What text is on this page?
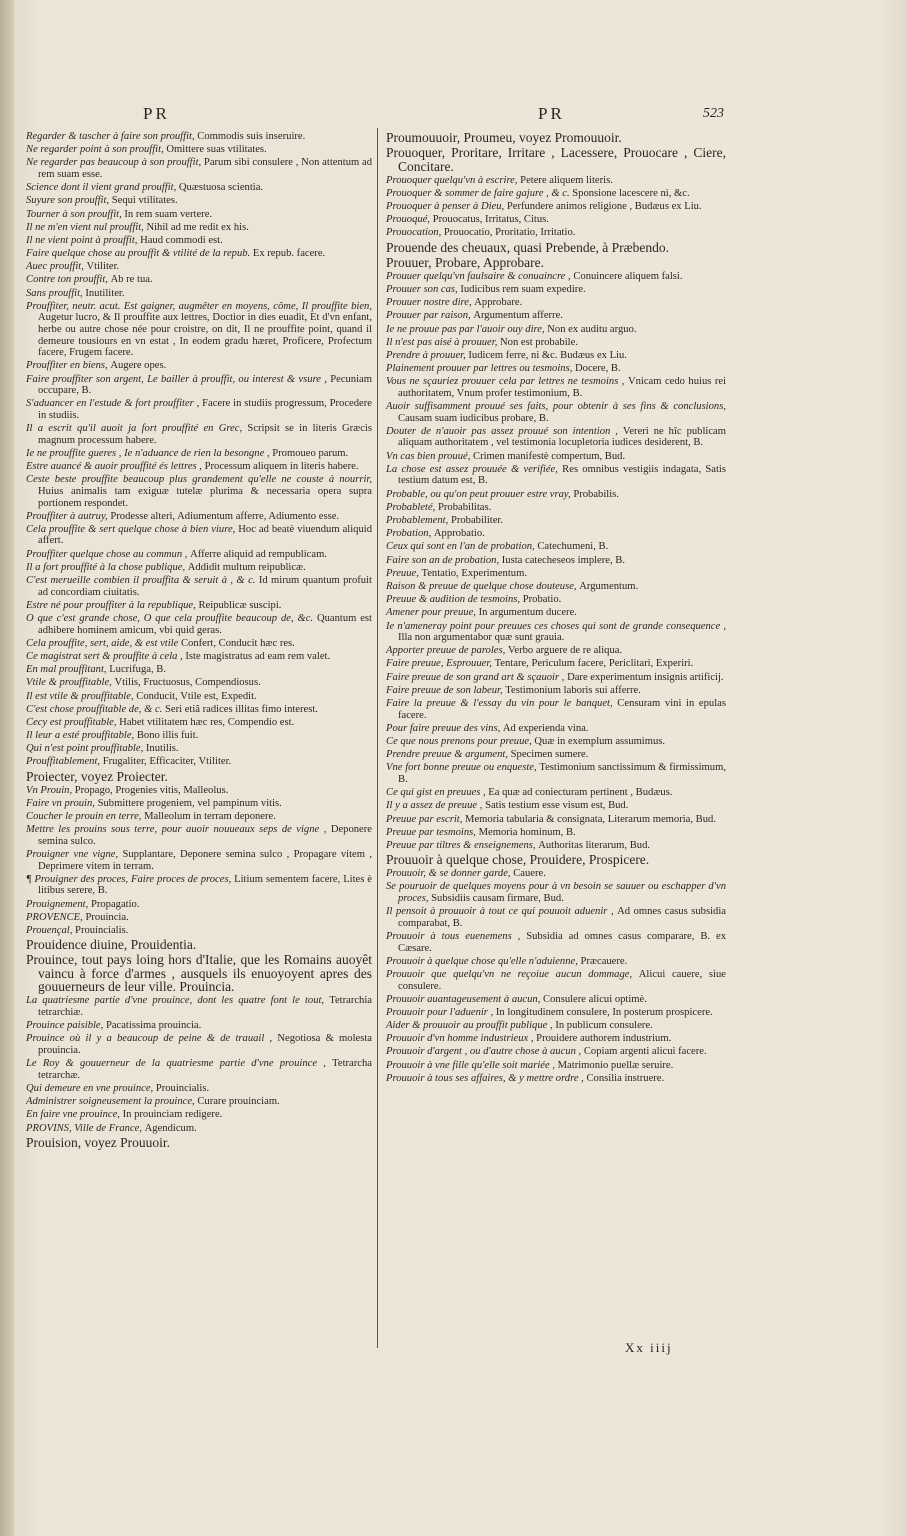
PR	PR	523

Regarder & tascher à faire son prouffit, Commodis suis inseruire.

Ne regarder point à son prouffit, Omittere suas vtilitates.

Ne regarder pas beaucoup à son prouffit, Parum sibi consulere , Non attentum ad rem suam esse.

Science dont il vient grand prouffit, Quæstuosa scientia.

Suyure son prouffit, Sequi vtilitates.

Tourner à son prouffit, In rem suam vertere.

Il ne m'en vient nul prouffit, Nihil ad me redit ex his.

Il ne vient point à prouffit, Haud commodi est.

Faire quelque chose au prouffit & vtilité de la repub. Ex repub. facere.

Auec prouffit, Vtiliter.

Contre ton prouffit, Ab re tua.

Sans prouffit, Inutiliter.

Prouffiter, neutr. acut. Est gaigner, augmêter en moyens, côme, Il prouffite bien, Augetur lucro, & Il prouffite aux lettres, Doctior in dies euadit, Et d'vn enfant, herbe ou autre chose née pour croistre, on dit, Il ne prouffite point, quand il demeure tousiours en vn estat , In eodem gradu hæret, Proficere, Profectum facere, Frugem facere.

Prouffiter en biens, Augere opes.

Faire prouffiter son argent, Le bailler à prouffit, ou interest & vsure , Pecuniam occupare, B.

S'aduancer en l'estude & fort prouffiter , Facere in studiis progressum, Procedere in studiis.

Il a escrit qu'il auoit ja fort prouffité en Grec, Scripsit se in literis Græcis magnum processum habere.

Ie ne prouffite gueres , Ie n'aduance de rien la besongne , Promoueo parum.

Estre auancé & auoir prouffité és lettres , Processum aliquem in literis habere.

Ceste beste prouffite beaucoup plus grandement qu'elle ne couste à nourrir, Huius animalis tam exiguæ tutelæ plurima & necessaria opera supra portionem respondet.

Prouffiter à autruy, Prodesse alteri, Adiumentum afferre, Adiumento esse.

Cela prouffite & sert quelque chose à bien viure, Hoc ad beatè viuendum aliquid affert.

Prouffiter quelque chose au commun , Afferre aliquid ad rempublicam.

Il a fort prouffité à la chose publique, Addidit multum reipublicæ.

C'est merueille combien il prouffita & seruit à , & c. Id mirum quantum profuit ad concordiam ciuitatis.

Estre né pour prouffiter à la republique, Reipublicæ suscipi.

O que c'est grande chose, O que cela prouffite beaucoup de, &c. Quantum est adhibere hominem amicum, vbi quid geras.

Cela prouffite, sert, aide, & est vtile Confert, Conducit hæc res.

Ce magistrat sert & prouffite à cela , Iste magistratus ad eam rem valet.

En mal prouffitant, Lucrifuga, B.

Vtile & prouffitable, Vtilis, Fructuosus, Compendiosus.

Il est vtile & prouffitable, Conducit, Vtile est, Expedit.

C'est chose prouffitable de, & c. Seri etiã radices illitas fimo interest.

Cecy est prouffitable, Habet vtilitatem hæc res, Compendio est.

Il leur a esté prouffitable, Bono illis fuit.

Qui n'est point prouffitable, Inutilis.

Prouffitablement, Frugaliter, Efficaciter, Vtiliter.

Proiecter, voyez Proiecter.

Vn Prouin, Propago, Progenies vitis, Malleolus.

Faire vn prouin, Submittere progeniem, vel pampinum vitis.

Coucher le prouin en terre, Malleolum in terram deponere.

Mettre les prouins sous terre, pour auoir nouueaux seps de vigne , Deponere semina sulco.

Prouigner vne vigne, Supplantare, Deponere semina sulco , Propagare vitem , Deprimere vitem in terram.

¶ Prouigner des proces, Faire proces de proces, Litium sementem facere, Lites è litibus serere, B.

Prouignement, Propagatio.

PROVENCE, Prouincia.

Prouençal, Prouincialis.

Prouidence diuine, Prouidentia.

Prouince, tout pays loing hors d'Italie, que les Romains auoyêt vaincu à force d'armes , ausquels ils enuoyoyent apres des gouuerneurs de leur ville. Prouincia.

La quatriesme partie d'vne prouince, dont les quatre font le tout, Tetrarchia tetrarchiæ.

Prouince paisible, Pacatissima prouincia.

Prouince où il y a beaucoup de peine & de trauail , Negotiosa & molesta prouincia.

Le Roy & gouuerneur de la quatriesme partie d'vne prouince , Tetrarcha tetrarchæ.

Qui demeure en vne prouince, Prouincialis.

Administrer soigneusement la prouince, Curare prouinciam.

En faire vne prouince, In prouinciam redigere.

PROVINS, Ville de France, Agendicum.

Prouision, voyez Prouuoir.

Proumouuoir, Proumeu, voyez Promouuoir.

Prouoquer, Proritare, Irritare , Lacessere, Prouocare , Ciere, Concitare.

Prouoquer quelqu'vn à escrire, Petere aliquem literis.

Prouoquer & sommer de faire gajure , & c. Sponsione lacescere ni, &c.

Prouoquer à penser à Dieu, Perfundere animos religione , Budæus ex Liu.

Prouoqué, Prouocatus, Irritatus, Citus.

Prouocation, Prouocatio, Proritatio, Irritatio.

Prouende des cheuaux, quasi Prebende, à Præbendo.

Prouuer, Probare, Approbare.

Prouuer quelqu'vn faulsaire & conuaincre , Conuincere aliquem falsi.

Prouuer son cas, Iudicibus rem suam expedire.

Prouuer nostre dire, Approbare.

Prouuer par raison, Argumentum afferre.

Ie ne prouue pas par l'auoir ouy dire, Non ex auditu arguo.

Il n'est pas aisé à prouuer, Non est probabile.

Prendre à prouuer, Iudicem ferre, ni &c. Budæus ex Liu.

Plainement prouuer par lettres ou tesmoins, Docere, B.

Vous ne sçauriez prouuer cela par lettres ne tesmoins , Vnicam cedo huius rei authoritatem, Vnum profer testimonium, B.

Auoir suffisamment prouué ses faits, pour obtenir à ses fins & conclusions, Causam suam iudicibus probare, B.

Douter de n'auoir pas assez prouué son intention , Vereri ne hîc publicam aliquam authoritatem , vel testimonia locupletoria iudices desiderent, B.

Vn cas bien prouué, Crimen manifestè compertum, Bud.

La chose est assez prouuée & verifiée, Res omnibus vestigiis indagata, Satis testium datum est, B.

Probable, ou qu'on peut prouuer estre vray, Probabilis.

Probableté, Probabilitas.

Probablement, Probabiliter.

Probation, Approbatio.

Ceux qui sont en l'an de probation, Catechumeni, B.

Faire son an de probation, Iusta catecheseos implere, B.

Preuue, Tentatio, Experimentum.

Raison & preuue de quelque chose douteuse, Argumentum.

Preuue & audition de tesmoins, Probatio.

Amener pour preuue, In argumentum ducere.

Ie n'ameneray point pour preuues ces choses qui sont de grande consequence , Illa non argumentabor quæ sunt grauia.

Apporter preuue de paroles, Verbo arguere de re aliqua.

Faire preuue, Esprouuer, Tentare, Periculum facere, Periclitari, Experiri.

Faire preuue de son grand art & sçauoir , Dare experimentum insignis artificij.

Faire preuue de son labeur, Testimonium laboris sui afferre.

Faire la preuue & l'essay du vin pour le banquet, Censuram vini in epulas facere.

Pour faire preuue des vins, Ad experienda vina.

Ce que nous prenons pour preuue, Quæ in exemplum assumimus.

Prendre preuue & argument, Specimen sumere.

Vne fort bonne preuue ou enqueste, Testimonium sanctissimum & firmissimum, B.

Ce qui gist en preuues , Ea quæ ad coniecturam pertinent , Budæus.

Il y a assez de preuue , Satis testium esse visum est, Bud.

Preuue par escrit, Memoria tabularia & consignata, Literarum memoria, Bud.

Preuue par tesmoins, Memoria hominum, B.

Preuue par tiltres & enseignemens, Authoritas literarum, Bud.

Prouuoir à quelque chose, Prouidere, Prospicere.

Prouuoir, & se donner garde, Cauere.

Se pouruoir de quelques moyens pour à vn besoin se sauuer ou eschapper d'vn proces, Subsidiis causam firmare, Bud.

Il pensoit à prouuoir à tout ce qui pouuoit aduenir , Ad omnes casus subsidia comparabat, B.

Prouuoir à tous euenemens , Subsidia ad omnes casus comparare, B. ex Cæsare.

Prouuoir à quelque chose qu'elle n'aduienne, Præcauere.

Prouuoir que quelqu'vn ne reçoiue aucun dommage, Alicui cauere, siue consulere.

Prouuoir auantageusement à aucun, Consulere alicui optimè.

Prouuoir pour l'aduenir , In longitudinem consulere, In posterum prospicere.

Aider & prouuoir au prouffit publique , In publicum consulere.

Prouuoir d'vn homme industrieux , Prouidere authorem industrium.

Prouuoir d'argent , ou d'autre chose à aucun , Copiam argenti alicui facere.

Prouuoir à vne fille qu'elle soit mariée , Matrimonio puellæ seruire.

Prouuoir à tous ses affaires, & y mettre ordre , Consilia instruere.

Xx iiij
